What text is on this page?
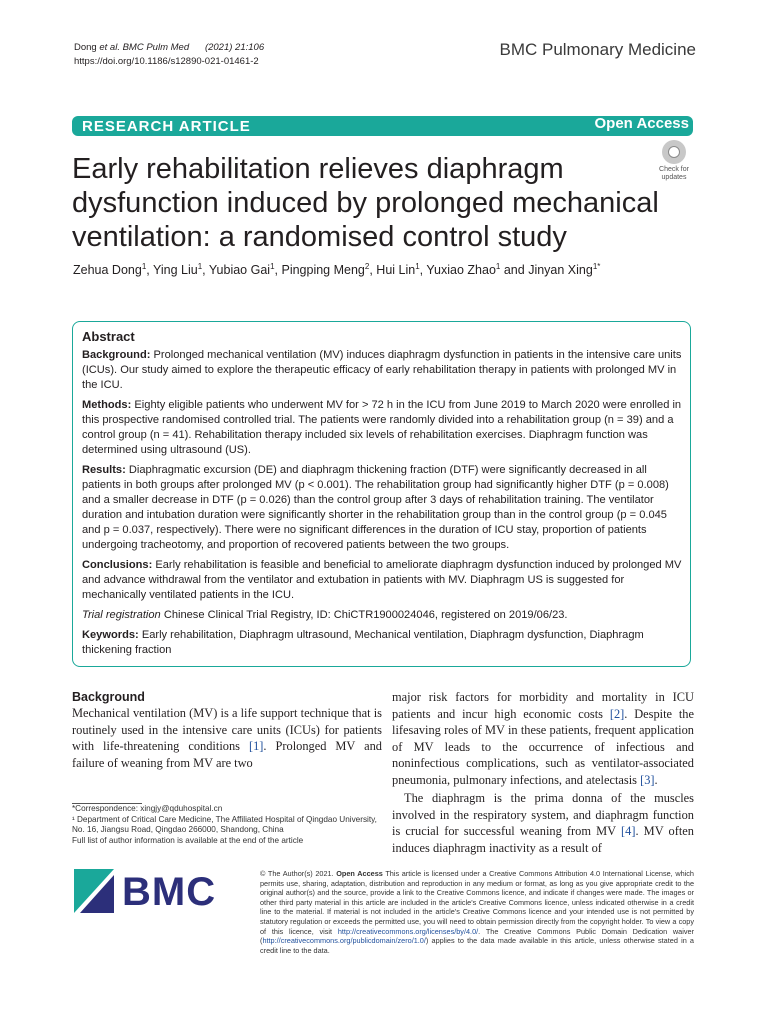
Dong et al. BMC Pulm Med (2021) 21:106
https://doi.org/10.1186/s12890-021-01461-2
BMC Pulmonary Medicine
RESEARCH ARTICLE	Open Access
Early rehabilitation relieves diaphragm dysfunction induced by prolonged mechanical ventilation: a randomised control study
Check for
updates
Zehua Dong$^1$, Ying Liu$^1$, Yubiao Gai$^1$, Pingping Meng$^2$, Hui Lin$^1$, Yuxiao Zhao$^1$ and Jinyan Xing$^{1*}$
Abstract

Background: Prolonged mechanical ventilation (MV) induces diaphragm dysfunction in patients in the intensive care units (ICUs). Our study aimed to explore the therapeutic efficacy of early rehabilitation therapy in patients with prolonged MV in the ICU.

Methods: Eighty eligible patients who underwent MV for > 72 h in the ICU from June 2019 to March 2020 were enrolled in this prospective randomised controlled trial. The patients were randomly divided into a rehabilitation group (n = 39) and a control group (n = 41). Rehabilitation therapy included six levels of rehabilitation exercises. Diaphragm function was determined using ultrasound (US).

Results: Diaphragmatic excursion (DE) and diaphragm thickening fraction (DTF) were significantly decreased in all patients in both groups after prolonged MV (p < 0.001). The rehabilitation group had significantly higher DTF (p = 0.008) and a smaller decrease in DTF (p = 0.026) than the control group after 3 days of rehabilitation training. The ventilator duration and intubation duration were significantly shorter in the rehabilitation group than in the control group (p = 0.045 and p = 0.037, respectively). There were no significant differences in the duration of ICU stay, proportion of patients undergoing tracheotomy, and proportion of recovered patients between the two groups.

Conclusions: Early rehabilitation is feasible and beneficial to ameliorate diaphragm dysfunction induced by prolonged MV and advance withdrawal from the ventilator and extubation in patients with MV. Diaphragm US is suggested for mechanically ventilated patients in the ICU.

Trial registration Chinese Clinical Trial Registry, ID: ChiCTR1900024046, registered on 2019/06/23.

Keywords: Early rehabilitation, Diaphragm ultrasound, Mechanical ventilation, Diaphragm dysfunction, Diaphragm thickening fraction

Background

Mechanical ventilation (MV) is a life support technique that is routinely used in the intensive care units (ICUs) for patients with life-threatening conditions [1]. Prolonged MV and failure of weaning from MV are two

major risk factors for morbidity and mortality in ICU patients and incur high economic costs [2]. Despite the lifesaving roles of MV in these patients, frequent application of MV leads to the occurrence of infectious and noninfectious complications, such as ventilator-associated pneumonia, pulmonary infections, and atelectasis [3].

The diaphragm is the prima donna of the muscles involved in the respiratory system, and diaphragm function is crucial for successful weaning from MV [4]. MV often induces diaphragm inactivity as a result of

*Correspondence: xingjy@qduhospital.cn

¹ Department of Critical Care Medicine, The Affiliated Hospital of Qingdao University, No. 16, Jiangsu Road, Qingdao 266000, Shandong, China

Full list of author information is available at the end of the article

BMC	© The Author(s) 2021. Open Access This article is licensed under a Creative Commons Attribution 4.0 International License, which permits use, sharing, adaptation, distribution and reproduction in any medium or format, as long as you give appropriate credit to the original author(s) and the source, provide a link to the Creative Commons licence, and indicate if changes were made. The images or other third party material in this article are included in the article's Creative Commons licence, unless indicated otherwise in a credit line to the material. If material is not included in the article's Creative Commons licence and your intended use is not permitted by statutory regulation or exceeds the permitted use, you will need to obtain permission directly from the copyright holder. To view a copy of this licence, visit http://creativecommons.org/licenses/by/4.0/. The Creative Commons Public Domain Dedication waiver (http://creativecommons.org/publicdomain/zero/1.0/) applies to the data made available in this article, unless otherwise stated in a credit line to the data.
